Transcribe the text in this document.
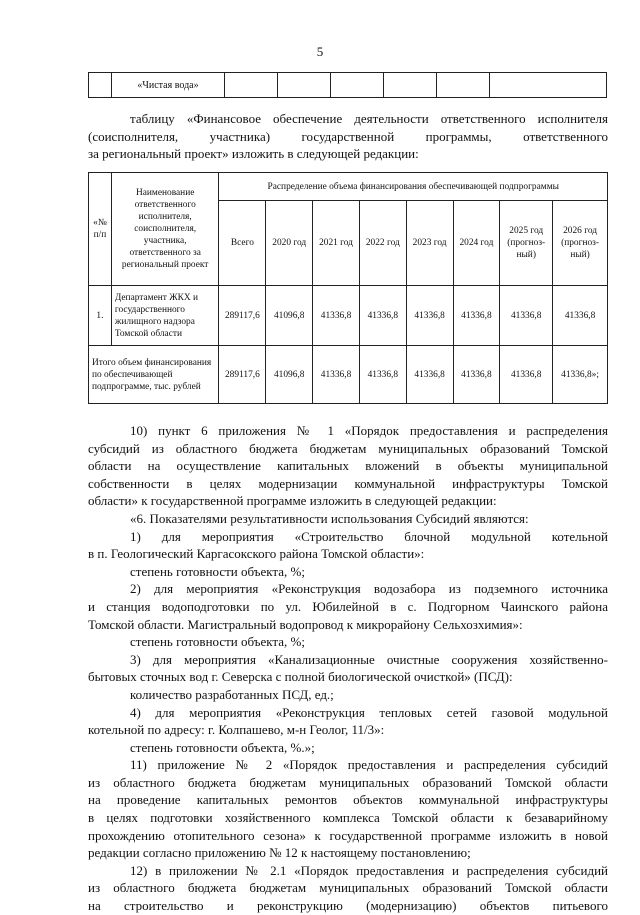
5
	«Чистая вода»						
таблицу «Финансовое обеспечение деятельности ответственного исполнителя
(соисполнителя, участника) государственной программы, ответственного
за региональный проект» изложить в следующей редакции:
«№ п/п	Наименование ответственного исполнителя, соисполнителя, участника, ответственного за региональный проект	Распределение объема финансирования обеспечивающей подпрограммы							
		Всего	2020 год	2021 год	2022 год	2023 год	2024 год	2025 год (прогноз-ный)	2026 год (прогноз-ный)
1.	Департамент ЖКХ и государственного жилищного надзора Томской области	289117,6	41096,8	41336,8	41336,8	41336,8	41336,8	41336,8	41336,8
Итого объем финансирования по обеспечивающей подпрограмме, тыс. рублей		289117,6	41096,8	41336,8	41336,8	41336,8	41336,8	41336,8	41336,8»;
10) пункт 6 приложения № 1 «Порядок предоставления и распределения
субсидий из областного бюджета бюджетам муниципальных образований Томской
области на осуществление капитальных вложений в объекты муниципальной
собственности в целях модернизации коммунальной инфраструктуры Томской
области» к государственной программе изложить в следующей редакции:
«6. Показателями результативности использования Субсидий являются:
1) для мероприятия «Строительство блочной модульной котельной
в п. Геологический Каргасокского района Томской области»:
степень готовности объекта, %;
2) для мероприятия «Реконструкция водозабора из подземного источника
и станция водоподготовки по ул. Юбилейной в с. Подгорном Чаинского района
Томской области. Магистральный водопровод к микрорайону Сельхозхимия»:
степень готовности объекта, %;
3) для мероприятия «Канализационные очистные сооружения хозяйственно-
бытовых сточных вод г. Северска с полной биологической очисткой» (ПСД):
количество разработанных ПСД, ед.;
4) для мероприятия «Реконструкция тепловых сетей газовой модульной
котельной по адресу: г. Колпашево, м-н Геолог, 11/3»:
степень готовности объекта, %.»;
11) приложение № 2 «Порядок предоставления и распределения субсидий
из областного бюджета бюджетам муниципальных образований Томской области
на проведение капитальных ремонтов объектов коммунальной инфраструктуры
в целях подготовки хозяйственного комплекса Томской области к безаварийному
прохождению отопительного сезона» к государственной программе изложить в новой
редакции согласно приложению № 12 к настоящему постановлению;
12) в приложении № 2.1 «Порядок предоставления и распределения субсидий
из областного бюджета бюджетам муниципальных образований Томской области
на строительство и реконструкцию (модернизацию) объектов питьевого
